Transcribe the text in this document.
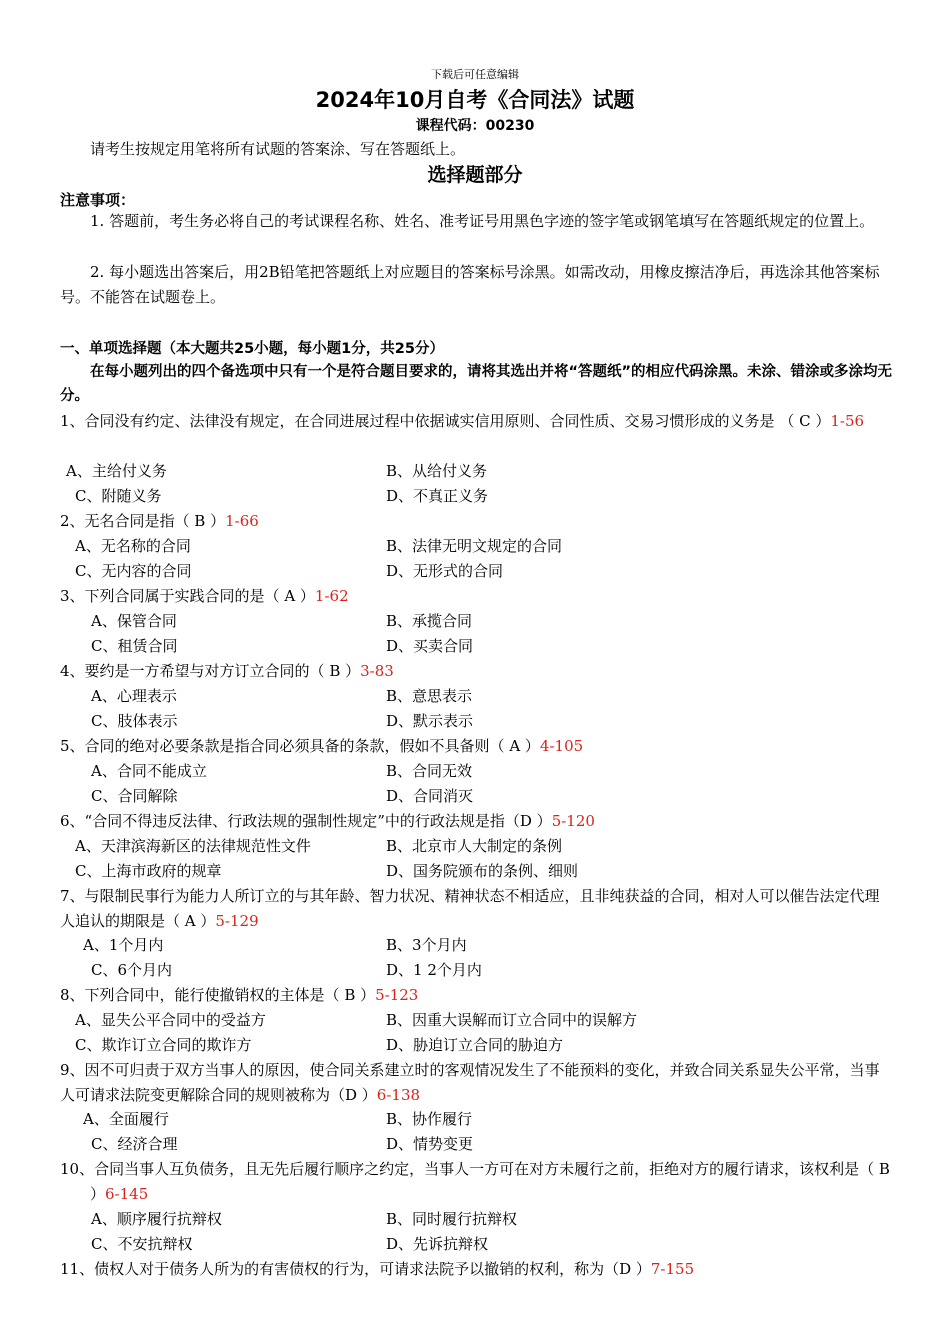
下载后可任意编辑
2024年10月自考《合同法》试题
课程代码：00230
请考生按规定用笔将所有试题的答案涂、写在答题纸上。
选择题部分
注意事项：
1. 答题前，考生务必将自己的考试课程名称、姓名、准考证号用黑色字迹的签字笔或钢笔填写在答题纸规定的位置上。
2. 每小题选出答案后，用2B铅笔把答题纸上对应题目的答案标号涂黑。如需改动，用橡皮擦洁净后，再选涂其他答案标号。不能答在试题卷上。
一、单项选择题（本大题共25小题，每小题1分，共25分）
在每小题列出的四个备选项中只有一个是符合题目要求的，请将其选出并将“答题纸”的相应代码涂黑。未涂、错涂或多涂均无分。
1、合同没有约定、法律没有规定，在合同进展过程中依据诚实信用原则、合同性质、交易习惯形成的义务是 （ C ）1-56
A、主给付义务	B、从给付义务
C、附随义务	D、不真正义务
2、无名合同是指（ B ）1-66
A、无名称的合同	B、法律无明文规定的合同
C、无内容的合同	D、无形式的合同
3、下列合同属于实践合同的是（ A ）1-62
A、保管合同	B、承揽合同
C、租赁合同	D、买卖合同
4、要约是一方希望与对方订立合同的（ B ）3-83
A、心理表示	B、意思表示
C、肢体表示	D、默示表示
5、合同的绝对必要条款是指合同必须具备的条款，假如不具备则（ A ）4-105
A、合同不能成立	B、合同无效
C、合同解除	D、合同消灭
6、“合同不得违反法律、行政法规的强制性规定”中的行政法规是指（D ）5-120
A、天津滨海新区的法律规范性文件	B、北京市人大制定的条例
C、上海市政府的规章	D、国务院颁布的条例、细则
7、与限制民事行为能力人所订立的与其年龄、智力状况、精神状态不相适应，且非纯获益的合同，相对人可以催告法定代理人追认的期限是（ A ）5-129
A、1个月内	B、3个月内
C、6个月内	D、1 2个月内
8、下列合同中，能行使撤销权的主体是（ B ）5-123
A、显失公平合同中的受益方	B、因重大误解而订立合同中的误解方
C、欺诈订立合同的欺诈方	D、胁迫订立合同的胁迫方
9、因不可归责于双方当事人的原因，使合同关系建立时的客观情况发生了不能预料的变化，并致合同关系显失公平常，当事人可请求法院变更解除合同的规则被称为（D ）6-138
A、全面履行	B、协作履行
C、经济合理	D、情势变更
10、合同当事人互负债务，且无先后履行顺序之约定，当事人一方可在对方未履行之前，拒绝对方的履行请求，该权利是（ B ）6-145
A、顺序履行抗辩权	B、同时履行抗辩权
C、不安抗辩权	D、先诉抗辩权
11、债权人对于债务人所为的有害债权的行为，可请求法院予以撤销的权利，称为（D ）7-155
